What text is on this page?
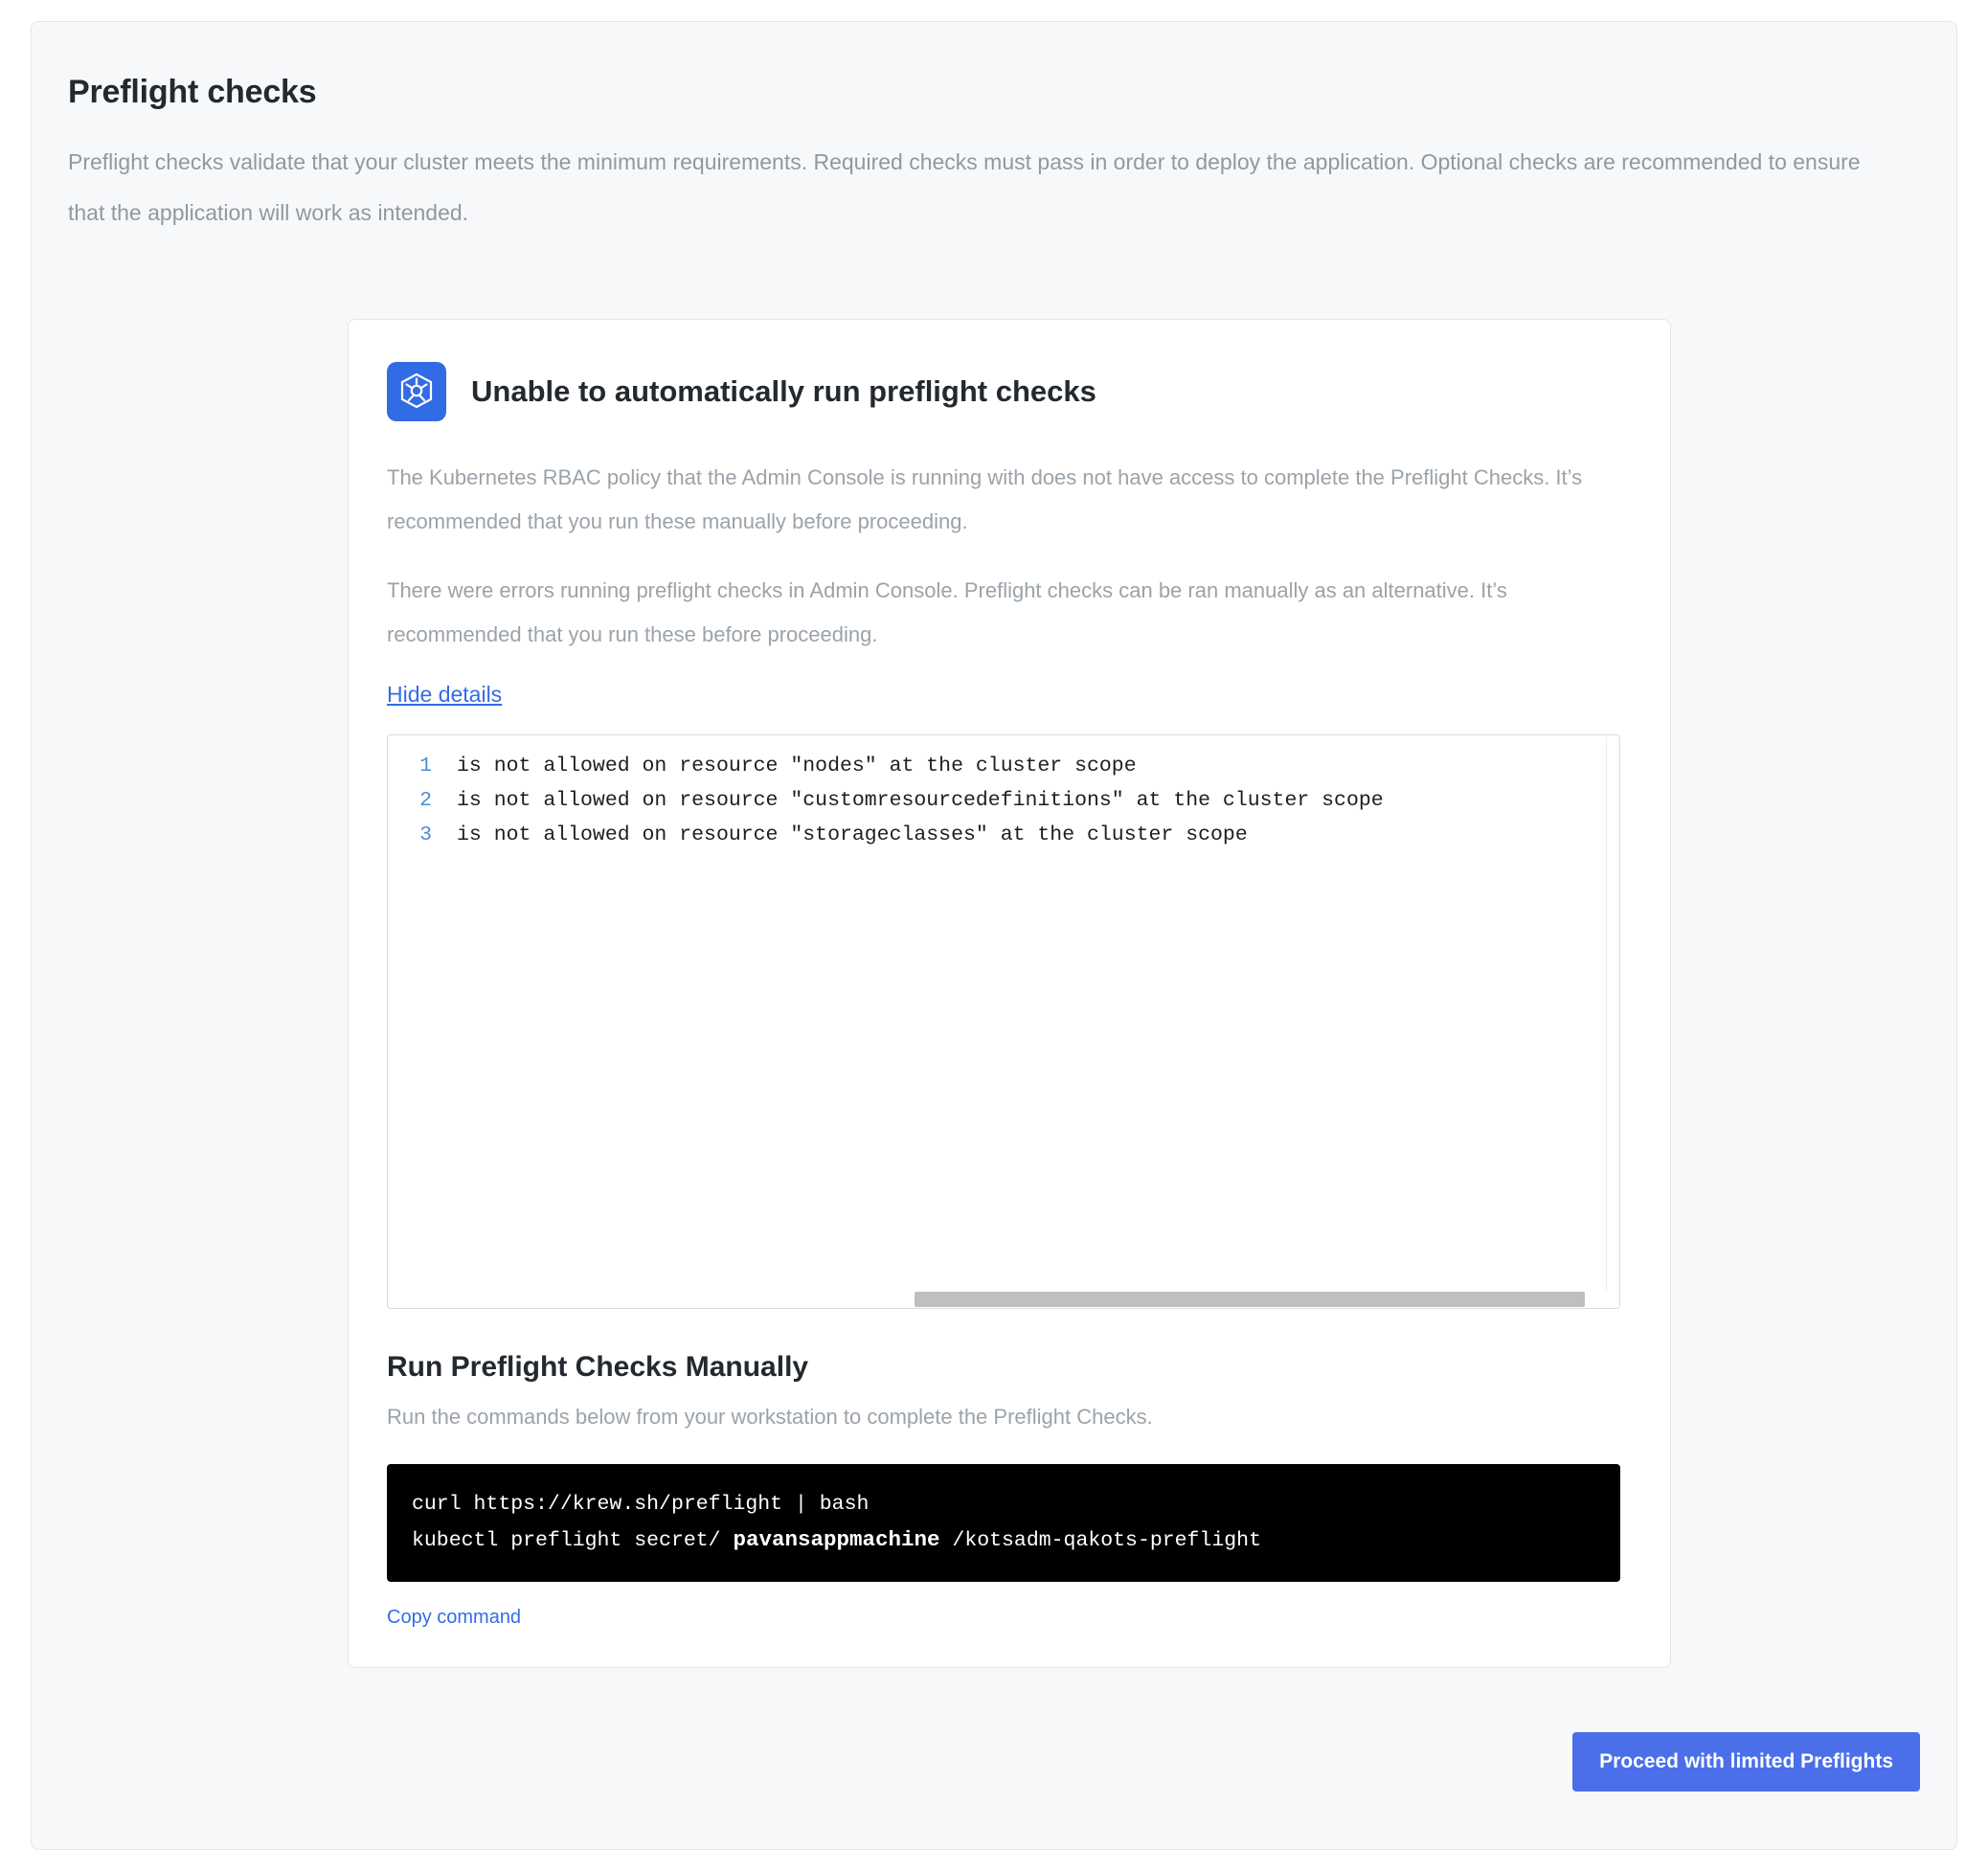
Preflight checks
Preflight checks validate that your cluster meets the minimum requirements. Required checks must pass in order to deploy the application. Optional checks are recommended to ensure that the application will work as intended.
Unable to automatically run preflight checks

The Kubernetes RBAC policy that the Admin Console is running with does not have access to complete the Preflight Checks. It’s recommended that you run these manually before proceeding.

There were errors running preflight checks in Admin Console. Preflight checks can be ran manually as an alternative. It’s recommended that you run these before proceeding.

Hide details
1	is not allowed on resource "nodes" at the cluster scope
2	is not allowed on resource "customresourcedefinitions" at the cluster scope
3	is not allowed on resource "storageclasses" at the cluster scope
Run Preflight Checks Manually
Run the commands below from your workstation to complete the Preflight Checks.
curl https://krew.sh/preflight | bash
kubectl preflight secret/ pavansappmachine /kotsadm-qakots-preflight
Copy command
Proceed with limited Preflights
